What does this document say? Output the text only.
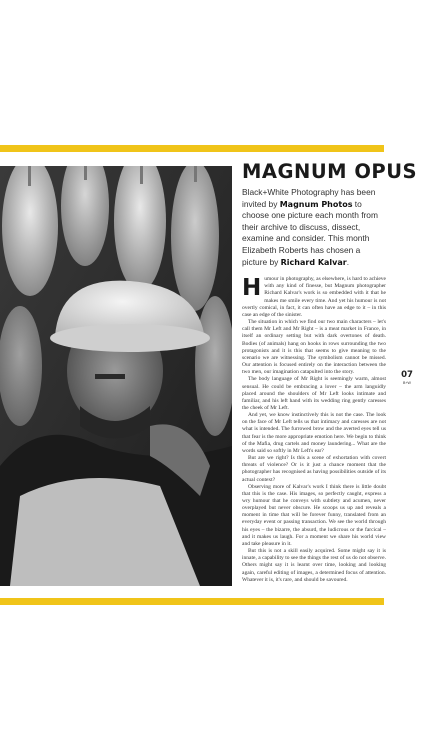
MAGNUM OPUS
Black+White Photography has been invited by Magnum Photos to choose one picture each month from their archive to discuss, dissect, examine and consider. This month Elizabeth Roberts has chosen a picture by Richard Kalvar.

Humour in photography, as elsewhere, is hard to achieve with any kind of finesse, but Magnum photographer Richard Kalvar's work is so embedded with it that he makes me smile every time. And yet his humour is not overtly comical, in fact, it can often have an edge to it – in this case an edge of the sinister.

The situation in which we find our two main characters – let's call them Mr Left and Mr Right – is a meat market in France, in itself an ordinary setting but with dark overtones of death. Bodies (of animals) hang on hooks in rows surrounding the two protagonists and it is this that seems to give meaning to the scenario we are witnessing. The symbolism cannot be missed. Our attention is focused entirely on the interaction between the two men, our imagination catapulted into the story.

The body language of Mr Right is seemingly warm, almost sensual. He could be embracing a lover – the arm languidly placed around the shoulders of Mr Left looks intimate and familiar, and his left hand with its wedding ring gently caresses the cheek of Mr Left.

And yet, we know instinctively this is not the case. The look on the face of Mr Left tells us that intimacy and caresses are not what is intended. The furrowed brow and the averted eyes tell us that fear is the more appropriate emotion here. We begin to think of the Mafia, drug cartels and money laundering... What are the words said so softly in Mr Left's ear?

But are we right? Is this a scene of exhortation with covert threats of violence? Or is it just a chance moment that the photographer has recognised as having possibilities outside of its actual context?

Observing more of Kalvar's work I think there is little doubt that this is the case. His images, so perfectly caught, express a wry humour that he conveys with subtlety and acumen, never overplayed but never obscure. He scoops us up and reveals a moment in time that will be forever funny, translated from an everyday event or passing transaction. We see the world through his eyes – the bizarre, the absurd, the ludicrous or the farcical – and it makes us laugh. For a moment we share his world view and take pleasure in it.

But this is not a skill easily acquired. Some might say it is innate, a capability to see the things the rest of us do not observe. Others might say it is learnt over time, looking and looking again, careful editing of images, a determined focus of attention. Whatever it is, it's rare, and should be savoured.

07
B+W
